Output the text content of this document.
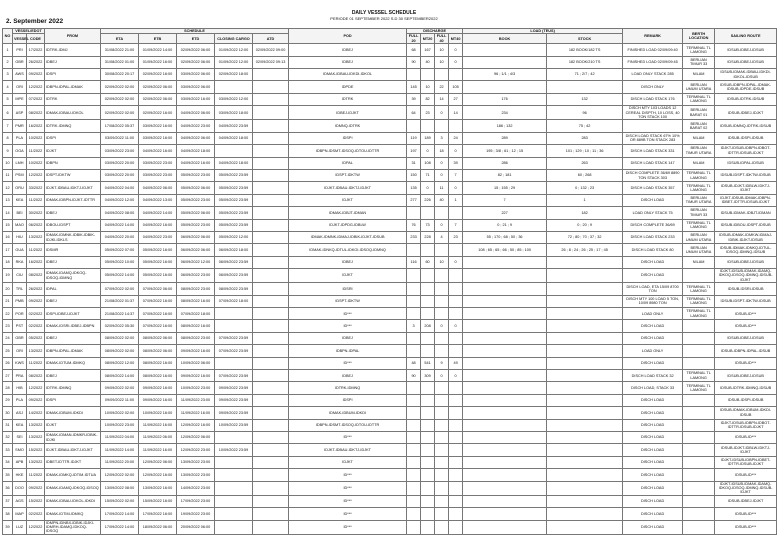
DAILY VESSEL SCHEDULE
PERIODE 01 SEPTEMBER 2022 S.D 30 SEPTEMBER2022
2. September 2022
NO	VESSEL/EDOT		FROM	SCHEDULE					POD	DISCHARGE				LOAD (TEUS)		REMARK	BERTH LOCATION	SAILING ROUTE
	VESSEL	CODE		ETA	ETB	ETD	CLOSING CARGO	ATD		FULL 20	MT20	FULL 40	MT40	BOOK	STOCK			
1	PRI	17/2022	IDTRK-IDMJ	31/08/2022 21:00	01/09/2022 14:00	02/09/2022 06:00	01/09/2022 12:00	02/09/2022 09:00	IDBEJ	68	167	10	0		182 BOOK/182 TS	FINISHED LOAD 02/09/09:40	TERMINAL TL LAMONG	IDSUB-IDBEJ-IDSUB
2	GBR	26/2022	IDBEJ	31/08/2022 01:00	01/09/2022 16:00	02/09/2022 06:00	01/09/2022 12:00	02/09/2022 09:13	IDBEJ	90	40	10	0		182 BOOK/210 TS	FINISHED LOAD 02/09/09:45	BERLIAN TIMUR 33	IDSUB-IDBEJ-IDSUB
3	AWS	09/2022	IDSPI	30/08/2022 20:17	02/09/2022 16:00	03/09/2022 06:00	02/09/2022 18:00		IDMAK-IDBAU-IDKDI-IDKOL					96 ; 1/1 ; 4/3	71 ; 2/7 ; 42	LOAD ONLY STACK 285	NILAM	IDSUB-IDMAK-IDBAU-IDKDI-IDKOL-IDSUB
4	ORI	12/2022	IDBPN-IDPAL-IDMAK	02/09/2022 02:00	02/09/2022 06:00	03/09/2022 06:00			IDPDE	145	10	22	105			DISCH ONLY	BERLIAN UMUM UTARA	IDSUB-IDBPN-IDPAL-IDMAK-IDSUB-IDPDE-IDSUB
5	MPE	07/2022	IDTRK	02/09/2022 02:00	02/09/2022 06:00	03/09/2022 16:00	03/09/2022 12:00		IDTRK	39	82	14	27	176	132	DISCH LOAD STACK 176	TERMINAL TL LAMONG	IDSUB-IDTRK-IDSUB
6	ASP	08/2022	IDMAK-IDBAU-IDKOL	02/09/2022 02:00	02/09/2022 16:00	04/09/2022 06:00	03/09/2022 18:00		IDBEJ-IDJKT	64	23	0	14	234	96	DISCH MTY 103 LOADS 12 CEREAL DISPTH, 10 LOSS, 40 TON STACK 100	BERLIAN BARAT 01	IDSUB-IDBEJ-IDJKT
7	PMR	16/2022	IDTRK-IDMNQ	17/08/2022 05:37	03/09/2022 16:00	04/09/2022 23:00	04/09/2022 23:59		IDMNQ-IDTRK					186 ; 132	75 ; 42		BERLIAN BARAT 02	IDSUB-IDMNQ-IDTRK-IDSUB
8	PLA	10/2022	IDSPI	03/09/2022 11:00	03/09/2022 16:00	04/09/2022 06:00	04/09/2022 18:00		IDSPI	119	189	3	24	289	283	DISCH LOAD STACK 67% 10% OR 889B TON STACK 283	NILAM	IDSUB-IDSPI-IDSUB
9	OGA	11/2022	IDJKT	03/09/2022 23:00	04/09/2022 16:00	04/09/2022 18:00			IDBPN-IDSMT-IDSOQ-IDTOU-IDTTR	197	0	18	0	195 ; 3/8 ; 61 ; 12 ; 15	101 ; 129 ; 10 ; 11 ; 36	DISCH LOAD STACK 331	BERLIAN TIMUR UTARA	IDJKT-IDSUB-IDBPN-IDBOT-IDTTR-IDSUB-IDJKT
10	LMH	10/2022	IDBPN	03/09/2022 20:00	03/09/2022 23:00	04/09/2022 16:00	04/09/2022 18:00		IDPAL	31	108	0	39	286	263	DISCH LOAD STACK 147	NILAM	IDSUB-IDPAL-IDSUB
11	PSM	12/2022	IDSPT-IDKTW	03/09/2022 20:00	03/09/2022 23:00	05/09/2022 23:00	05/09/2022 23:59		IDSPT-IDKTW	150	71	0	7	82 ; 181	60 ; 268	DISCH COMPLETE 36/69 8890 TON STACK 303	TERMINAL TL LAMONG	IDSUB-IDSPT-IDKTW-IDSUB
12	ORU	33/2022	IDJKT-IDBAU-IDKTJ-IDJKT	04/09/2022 04:00	04/09/2022 06:00	05/09/2022 06:00	05/09/2022 23:59		IDJKT-IDBAU-IDKTJ-IDJKT	135	0	11	0	15 ; 155 ; 29	0 ; 132 ; 23	DISCH LOAD STACK 357	TERMINAL TL LAMONG	IDSUB-IDJKT-IDBLW-IDKTJ-IDJKT
13	KEA	11/2022	IDMAK-IDBPN-IDJKT-IDTTR	04/09/2022 12:00	04/09/2022 13:00	05/09/2022 23:00	05/09/2022 23:59		IDJKT	277	226	40	1	7	1	DISCH LOAD	BERLIAN TIMUR UTARA	IDJKT-IDSUB-IDMAK-IDBPN-IDBET-IDTTR-IDSUB-IDJKT
14	BEI	30/2022	IDBEJ	04/09/2022 08:00	04/09/2022 14:00	05/09/2022 06:00	05/09/2022 23:59		IDMAK-IDBJT-IDMAN					227	182	LOAD ONLY STACK 75	BERLIAN TIMUR 33	IDSUB-IDMAK-IDBJT-IDMAN
15	MAO	06/2022	IDBOU-IDSPT	04/09/2022 14:00	04/09/2022 16:00	05/09/2022 23:00	05/09/2022 23:59		IDJKT-IDPDG-IDBLW	76	73	0	7	0 ; 21 ; 9	0 ; 20 ; 9	DISCH COMPLETE 36/69	TERMINAL TL LAMONG	IDSUB-IDBOU-IDSPT-IDSUB
16	HIU	13/2022	IDMAK-IDMNK-IDBIK-IDBIK-IDJKI-IDKLS	04/09/2022 20:00	04/09/2022 23:00	06/09/2022 06:00	05/09/2022 12:00		IDMAK-IDMNK-IDMAJ-IDBIK-IDJKT-IDSUB	233	228	4	23	55 ; 170 ; 68 ; 50 ; 36	72 ; 80 ; 70 ; 37 ; 32	DISCH LOAD STACK 233	BERLIAN UMUM UTARA	IDSUB-IDMAK-IDMKW-IDMAJ-IDBIK-IDJKT-IDSUB
17	GUA	11/2022	IDSMR	05/09/2022 07:00	05/09/2022 16:00	06/09/2022 06:00	06/09/2022 18:00		IDMAK-IDNKQ-IDTUL-IDKOI-IDSOQ-IDMNQ					108 ; 65 ; 65 ; 66 ; 50 ; 85 ; 100	26 ; 8 ; 24 ; 26 ; 25 ; 17 ; 45	DISCH LOAD STACK 80	BERLIAN UMUM UTARA	IDSUB-IDMAK-IDNKQ-IDTUL-IDSOQ-IDMNQ-IDSUB
18	RKA	16/2022	IDBEJ	05/09/2022 10:00	05/09/2022 16:00	06/09/2022 12:00	06/09/2022 23:59		IDBEJ	116	60	10	0			DISCH LOAD	NILAM	IDSUB-IDBEJ-IDSUB
19	CIU	08/2022	IDMAK-IDAMQ-IDKOQ-IDSOQ-IDMNQ	05/09/2022 14:00	05/09/2022 16:00	06/09/2022 23:00	06/09/2022 23:59		IDJKT							DISCH LOAD		IDJKT-IDSUB-IDMAK-IDAMQ-IDKOQ-IDSOQ-IDMNQ-IDSUB-IDJKT
20	TRL	26/2022	IDPAL	07/09/2022 02:00	07/09/2022 06:00	08/09/2022 23:00	08/09/2022 23:59		IDSRI							DISCH LOAD, ETA 15/09 8700 TON	TERMINAL TL LAMONG	IDSUB-IDSRI-IDSUB
21	PMB	09/2022	IDBEJ	21/08/2022 01:37	07/09/2022 16:00	08/09/2022 16:00	07/09/2022 18:00		IDSPT-IDKTW							DISCH MTY 100 LOAD 5 TON, 10/09 8980 TON	TERMINAL TL LAMONG	IDSUB-IDSPT-IDKTW-IDSUB
22	POR	02/2022	IDSPI-IDBEJ-IDJKT	21/08/2022 14:37	07/09/2022 16:00	07/09/2022 18:00			ID***							LOAD ONLY	TERMINAL TL LAMONG	IDSUB-ID***
23	PST	02/2022	IDMAK-IDSRI-IDBEJ-IDBPN	02/09/2022 05:30	07/09/2022 16:00	08/09/2022 16:00			ID***	3	208	0	0			DISCH LOAD		IDSUB-ID***
24	GBR	05/2022	IDBEJ	08/09/2022 02:00	08/09/2022 06:00	08/09/2022 23:00	07/09/2022 23:59		IDBEJ							DISCH LOAD		IDSUB-IDBEJ-IDSUB
25	ORI	13/2022	IDBPN-IDPAL-IDMAK	08/09/2022 02:00	08/09/2022 06:00	09/09/2022 16:00	07/09/2022 23:59		IDBPN-IDPAL							LOAD ONLY		IDSUB-IDBPN-IDPAL-IDSUB
26	KWS	11/2022	IDMAK-IDTUM-IDMKQ	08/09/2022 12:00	08/09/2022 16:00	10/09/2022 06:00			ID***	48	541	9	49			DISCH LOAD		IDSUB-ID***
27	PRA	08/2022	IDBEJ	08/09/2022 14:00	08/09/2022 16:00	09/09/2022 16:00	07/09/2022 23:59		IDBEJ	90	309	0	0			DISCH LOAD STACK 32	TERMINAL TL LAMONG	IDSUB-IDBEJ-IDSUB
28	HIB	12/2022	IDTRK-IDMNQ	09/09/2022 02:00	09/09/2022 16:00	10/09/2022 23:00	09/09/2022 23:59		IDTRK-IDMNQ							DISCH LOAD, STACK 33	TERMINAL TL LAMONG	IDSUB-IDTRK-IDMNQ-IDSUB
29	PLA	09/2022	IDSPI	09/09/2022 11:00	09/09/2022 16:00	11/09/2022 23:00	09/09/2022 23:59		IDSPI							DISCH LOAD		IDSUB-IDSPI-IDSUB
30	ASJ	14/2022	IDMAK-IDBUM-IDKDI	10/09/2022 02:00	10/09/2022 16:00	11/09/2022 16:00	09/09/2022 23:59		IDMAK-IDBUM-IDKDI							DISCH LOAD		IDSUB-IDMAK-IDBUM-IDKDI-IDSUB
31	KEA	13/2022	IDJKT	10/09/2022 23:00	11/09/2022 16:00	12/09/2022 16:00	10/09/2022 23:59		IDBPN-IDSMT-IDSOQ-IDTOU-IDTTR							DISCH LOAD		IDJKT-IDSUB-IDBPN-IDBOT-IDTTR-IDSUB-IDJKT
32	SEI	13/2022	IDMAK-IDMAN-IDMKR-IDBIK-IDJKI	11/09/2022 04:00	11/09/2022 06:00	12/09/2022 06:00			ID***							DISCH LOAD		IDSUB-ID***
33	SMO	15/2022	IDJKT-IDBAU-IDKTJ-IDJKT	11/09/2022 14:00	11/09/2022 16:00	12/09/2022 23:00	10/09/2022 23:59		IDJKT-IDBAU-IDKTJ-IDJKT							DISCH LOAD		IDSUB-IDJKT-IDBLW-IDKTJ-IDJKT
34	APB	13/2022	IDBET-IDTTR-IDJKT	11/09/2022 20:00	12/09/2022 06:00	13/09/2022 23:00			IDJKT							DISCH LOAD		IDJKT-IDSUB-IDBPN-IDBET-IDTTR-IDSUB-IDJKT
35	HKE	11/2022	IDMAK-IDMKQ-IDTIM-IDTUA	12/09/2022 02:00	12/09/2022 16:00	13/09/2022 23:00			ID***							DISCH LOAD		IDSUB-ID***
36	DOO	09/2022	IDMAK-IDAMQ-IDKOQ-IDSOQ	13/09/2022 08:00	13/09/2022 16:00	14/09/2022 23:00			ID***							DISCH LOAD		IDJKT-IDSUB-IDMAK-IDAMQ-IDKOQ-IDSOQ-IDMNQ-IDSUB-IDJKT
37	AGS	15/2022	IDMAK-IDBAU-IDKOL-IDKDI	15/09/2022 02:00	15/09/2022 16:00	17/09/2022 23:00			ID***							DISCH LOAD		IDSUB-IDBEJ-IDJKT
38	MAP	02/2022	IDMAK-IDTIM-IDMKQ	17/09/2022 14:00	17/09/2022 16:00	19/09/2022 23:00			ID***							DISCH LOAD		IDSUB-ID***
39	LUZ	12/2022	IDMPN-IDNBX-IDBIK-IDJKI-IDMRH-IDAMQ-IDKOQ-IDSOQ	17/09/2022 14:00	18/09/2022 06:00	20/09/2022 06:00			ID***							DISCH LOAD		IDSUB-ID***
